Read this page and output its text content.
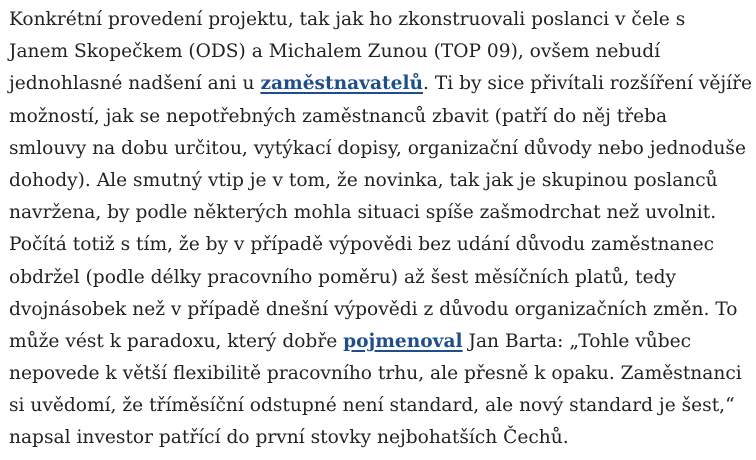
Konkrétní provedení projektu, tak jak ho zkonstruovali poslanci v čele s
Janem Skopečkem (ODS) a Michalem Zunou (TOP 09), ovšem nebudí
jednohlasné nadšení ani u zaměstnavatelů. Ti by sice přivítali rozšíření vějíře
možností, jak se nepotřebných zaměstnanců zbavit (patří do něj třeba
smlouvy na dobu určitou, vytýkací dopisy, organizační důvody nebo jednoduše
dohody). Ale smutný vtip je v tom, že novinka, tak jak je skupinou poslanců
navržena, by podle některých mohla situaci spíše zašmodrchat než uvolnit.
Počítá totiž s tím, že by v případě výpovědi bez udání důvodu zaměstnanec
obdržel (podle délky pracovního poměru) až šest měsíčních platů, tedy
dvojnásobek než v případě dnešní výpovědi z důvodu organizačních změn. To
může vést k paradoxu, který dobře pojmenoval Jan Barta: „Tohle vůbec
nepovede k větší flexibilitě pracovního trhu, ale přesně k opaku. Zaměstnanci
si uvědomí, že tříměsíční odstupné není standard, ale nový standard je šest,“
napsal investor patřící do první stovky nejbohatších Čechů.
